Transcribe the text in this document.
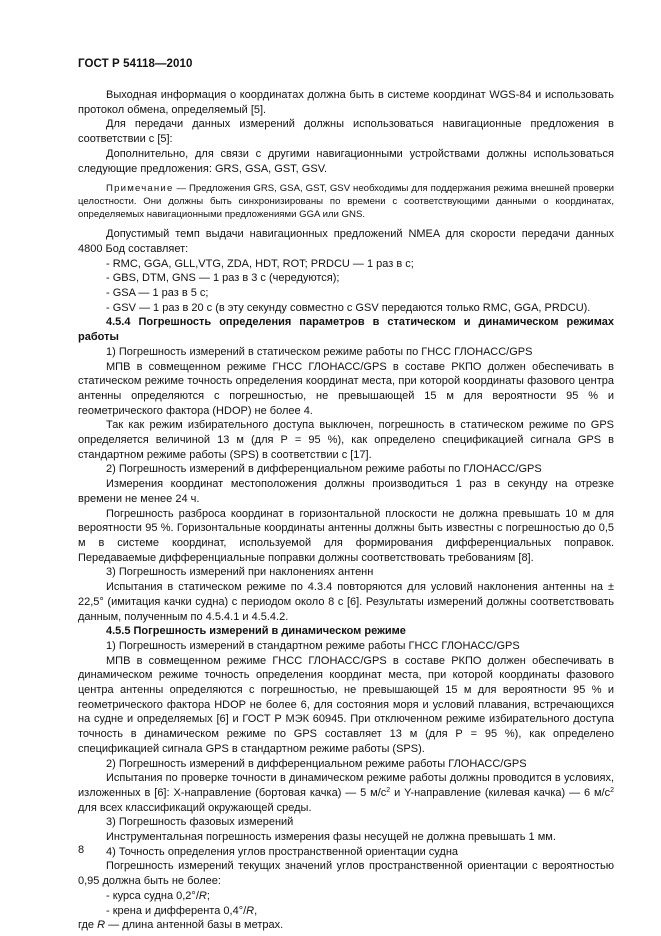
ГОСТ Р 54118—2010

Выходная информация о координатах должна быть в системе координат WGS-84 и использовать протокол обмена, определяемый [5].

Для передачи данных измерений должны использоваться навигационные предложения в соответствии с [5]:

Дополнительно, для связи с другими навигационными устройствами должны использоваться следующие предложения: GRS, GSA, GST, GSV.

Примечание — Предложения GRS, GSA, GST, GSV необходимы для поддержания режима внешней проверки целостности. Они должны быть синхронизированы по времени с соответствующими данными о координатах, определяемых навигационными предложениями GGA или GNS.

Допустимый темп выдачи навигационных предложений NMEA для скорости передачи данных 4800 Бод составляет:

- RMC, GGA, GLL,VTG, ZDA, HDT, ROT; PRDCU — 1 раз в с;

- GBS, DTM, GNS — 1 раз в 3 с (чередуются);

- GSA — 1 раз в 5 с;

- GSV — 1 раз в 20 с (в эту секунду совместно с GSV передаются только RMC, GGA, PRDCU).

4.5.4 Погрешность определения параметров в статическом и динамическом режимах работы

1) Погрешность измерений в статическом режиме работы по ГНСС ГЛОНАСС/GPS

МПВ в совмещенном режиме ГНСС ГЛОНАСС/GPS в составе РКПО должен обеспечивать в статическом режиме точность определения координат места, при которой координаты фазового центра антенны определяются с погрешностью, не превышающей 15 м для вероятности 95 % и геометрического фактора (HDOP) не более 4.

Так как режим избирательного доступа выключен, погрешность в статическом режиме по GPS определяется величиной 13 м (для Р = 95 %), как определено спецификацией сигнала GPS в стандартном режиме работы (SPS) в соответствии с [17].

2) Погрешность измерений в дифференциальном режиме работы по ГЛОНАСС/GPS

Измерения координат местоположения должны производиться 1 раз в секунду на отрезке времени не менее 24 ч.

Погрешность разброса координат в горизонтальной плоскости не должна превышать 10 м для вероятности 95 %. Горизонтальные координаты антенны должны быть известны с погрешностью до 0,5 м в системе координат, используемой для формирования дифференциальных поправок. Передаваемые дифференциальные поправки должны соответствовать требованиям [8].

3) Погрешность измерений при наклонениях антенн

Испытания в статическом режиме по 4.3.4 повторяются для условий наклонения антенны на ± 22,5° (имитация качки судна) с периодом около 8 с [6]. Результаты измерений должны соответствовать данным, полученным по 4.5.4.1 и 4.5.4.2.

4.5.5 Погрешность измерений в динамическом режиме

1) Погрешность измерений в стандартном режиме работы ГНСС ГЛОНАСС/GPS

МПВ в совмещенном режиме ГНСС ГЛОНАСС/GPS в составе РКПО должен обеспечивать в динамическом режиме точность определения координат места, при которой координаты фазового центра антенны определяются с погрешностью, не превышающей 15 м для вероятности 95 % и геометрического фактора HDOP не более 6, для состояния моря и условий плавания, встречающихся на судне и определяемых [6] и ГОСТ Р МЭК 60945. При отключенном режиме избирательного доступа точность в динамическом режиме по GPS составляет 13 м (для Р = 95 %), как определено спецификацией сигнала GPS в стандартном режиме работы (SPS).

2) Погрешность измерений в дифференциальном режиме работы ГЛОНАСС/GPS

Испытания по проверке точности в динамическом режиме работы должны проводится в условиях, изложенных в [6]: X-направление (бортовая качка) — 5 $м/с^2$ и Y-направление (килевая качка) — 6 $м/с^2$ для всех классификаций окружающей среды.

3) Погрешность фазовых измерений

Инструментальная погрешность измерения фазы несущей не должна превышать 1 мм.

4) Точность определения углов пространственной ориентации судна

Погрешность измерений текущих значений углов пространственной ориентации с вероятностью 0,95 должна быть не более:

- курса судна 0,2°/R;

- крена и дифферента 0,4°/R,

где R — длина антенной базы в метрах.

8
